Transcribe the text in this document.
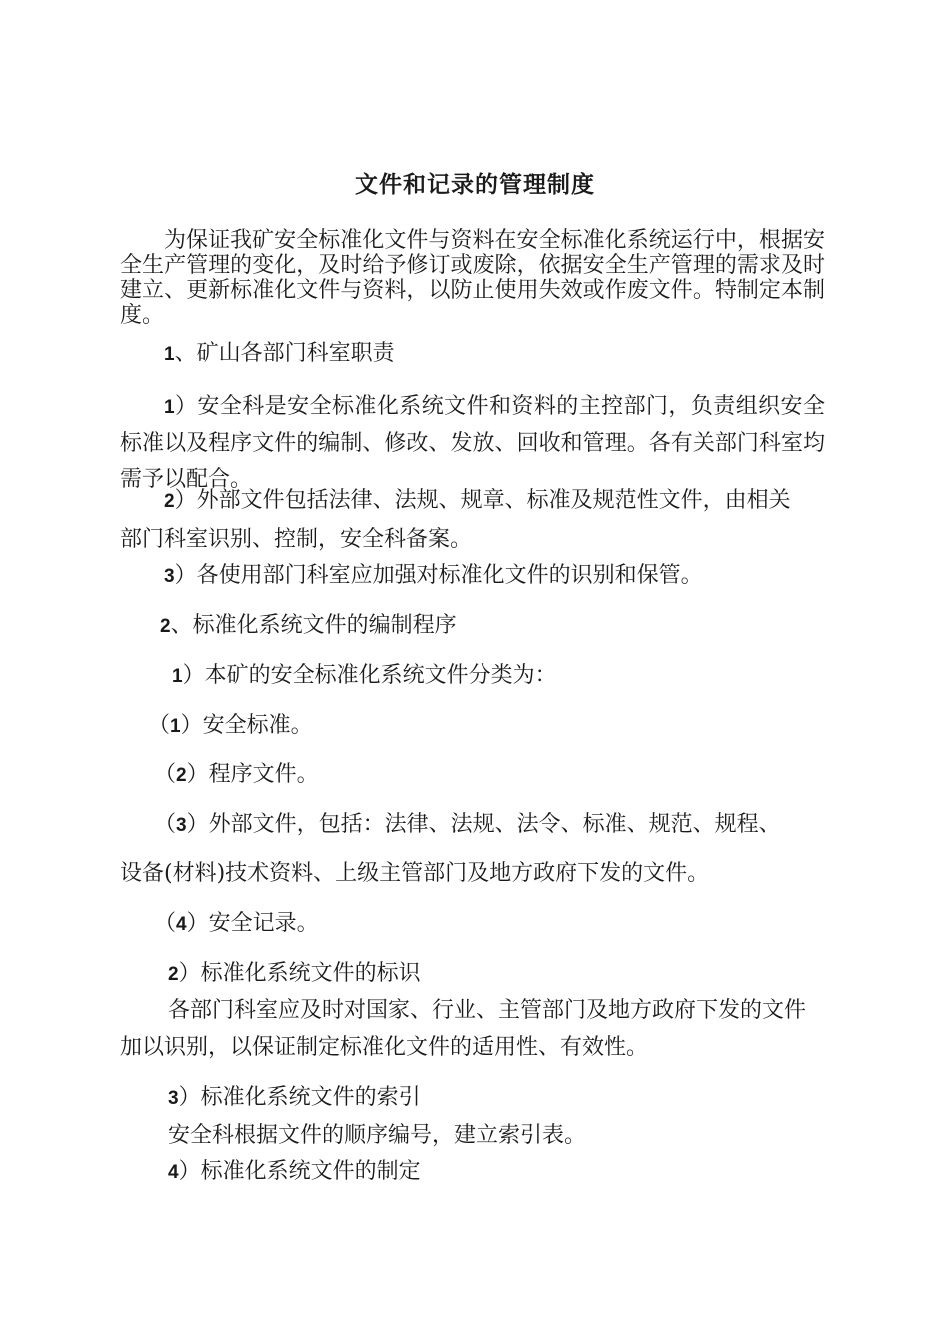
文件和记录的管理制度
为保证我矿安全标准化文件与资料在安全标准化系统运行中，根据安全生产管理的变化，及时给予修订或废除，依据安全生产管理的需求及时建立、更新标准化文件与资料，以防止使用失效或作废文件。特制定本制度。
1、矿山各部门科室职责
1）安全科是安全标准化系统文件和资料的主控部门，负责组织安全标准以及程序文件的编制、修改、发放、回收和管理。各有关部门科室均需予以配合。
2）外部文件包括法律、法规、规章、标准及规范性文件，由相关
部门科室识别、控制，安全科备案。
3）各使用部门科室应加强对标准化文件的识别和保管。
2、标准化系统文件的编制程序
1）本矿的安全标准化系统文件分类为：
（1）安全标准。
（2）程序文件。
（3）外部文件，包括：法律、法规、法令、标准、规范、规程、
设备(材料)技术资料、上级主管部门及地方政府下发的文件。
（4）安全记录。
2）标准化系统文件的标识
各部门科室应及时对国家、行业、主管部门及地方政府下发的文件
加以识别，以保证制定标准化文件的适用性、有效性。
3）标准化系统文件的索引
安全科根据文件的顺序编号，建立索引表。
4）标准化系统文件的制定
